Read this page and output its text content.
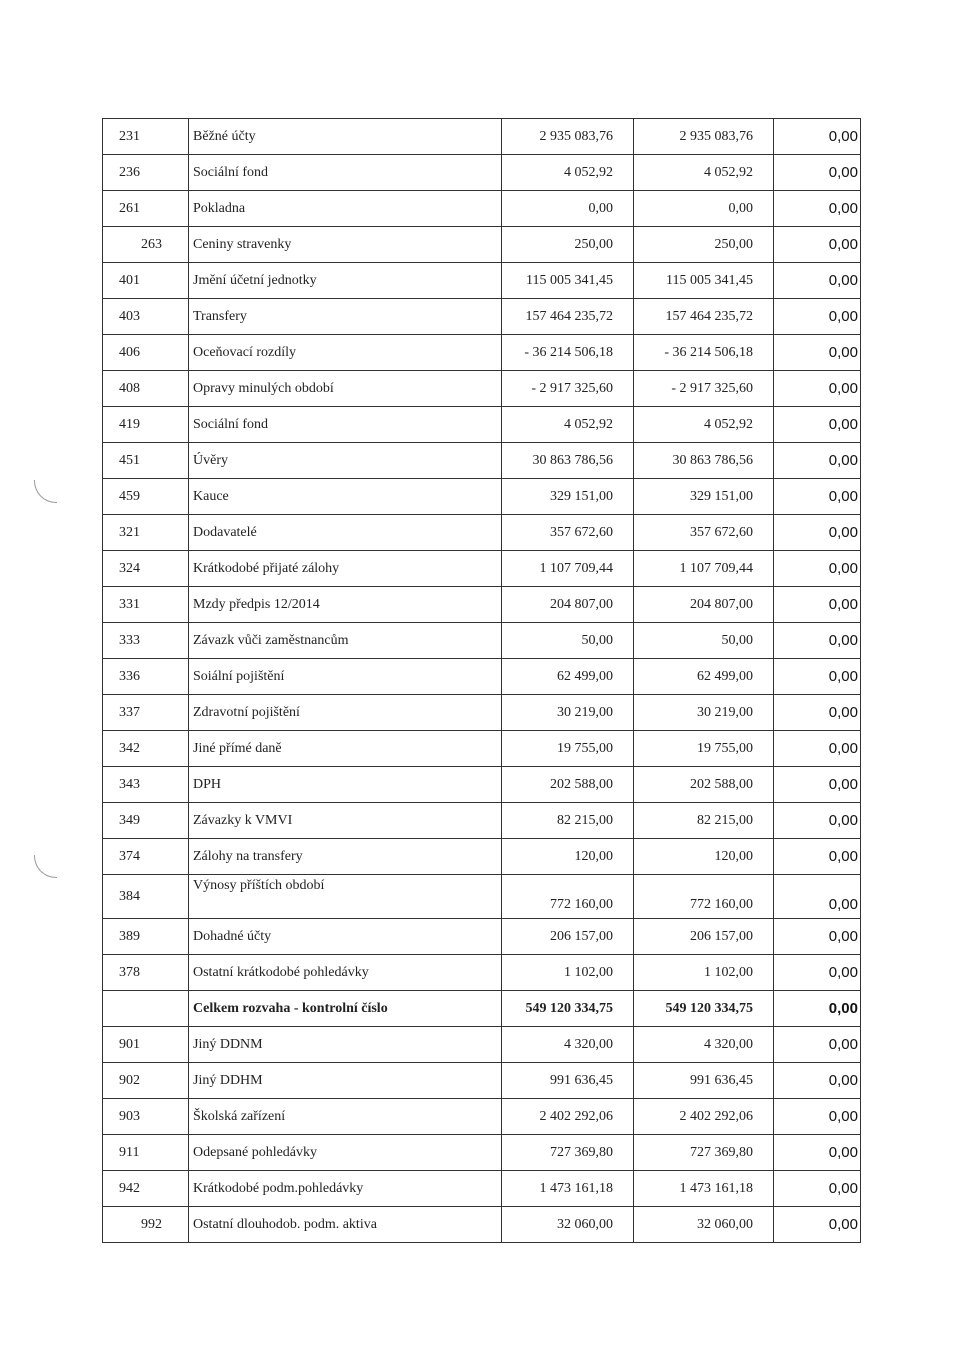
231	Běžné účty	2 935 083,76	2 935 083,76	0,00
236	Sociální fond	4 052,92	4 052,92	0,00
261	Pokladna	0,00	0,00	0,00
263	Ceniny stravenky	250,00	250,00	0,00
401	Jmění účetní jednotky	115 005 341,45	115 005 341,45	0,00
403	Transfery	157 464 235,72	157 464 235,72	0,00
406	Oceňovací rozdíly	- 36 214 506,18	- 36 214 506,18	0,00
408	Opravy minulých období	- 2 917 325,60	- 2 917 325,60	0,00
419	Sociální fond	4 052,92	4 052,92	0,00
451	Úvěry	30 863 786,56	30 863 786,56	0,00
459	Kauce	329 151,00	329 151,00	0,00
321	Dodavatelé	357 672,60	357 672,60	0,00
324	Krátkodobé přijaté zálohy	1 107 709,44	1 107 709,44	0,00
331	Mzdy předpis 12/2014	204 807,00	204 807,00	0,00
333	Závazk vůči zaměstnancům	50,00	50,00	0,00
336	Soiální pojištění	62 499,00	62 499,00	0,00
337	Zdravotní pojištění	30 219,00	30 219,00	0,00
342	Jiné přímé daně	19 755,00	19 755,00	0,00
343	DPH	202 588,00	202 588,00	0,00
349	Závazky k VMVI	82 215,00	82 215,00	0,00
374	Zálohy na transfery	120,00	120,00	0,00
384	Výnosy příštích období	772 160,00	772 160,00	0,00
389	Dohadné účty	206 157,00	206 157,00	0,00
378	Ostatní krátkodobé pohledávky	1 102,00	1 102,00	0,00
	Celkem rozvaha - kontrolní číslo	549 120 334,75	549 120 334,75	0,00
901	Jiný DDNM	4 320,00	4 320,00	0,00
902	Jiný DDHM	991 636,45	991 636,45	0,00
903	Školská zařízení	2 402 292,06	2 402 292,06	0,00
911	Odepsané pohledávky	727 369,80	727 369,80	0,00
942	Krátkodobé podm.pohledávky	1 473 161,18	1 473 161,18	0,00
992	Ostatní dlouhodob. podm. aktiva	32 060,00	32 060,00	0,00
